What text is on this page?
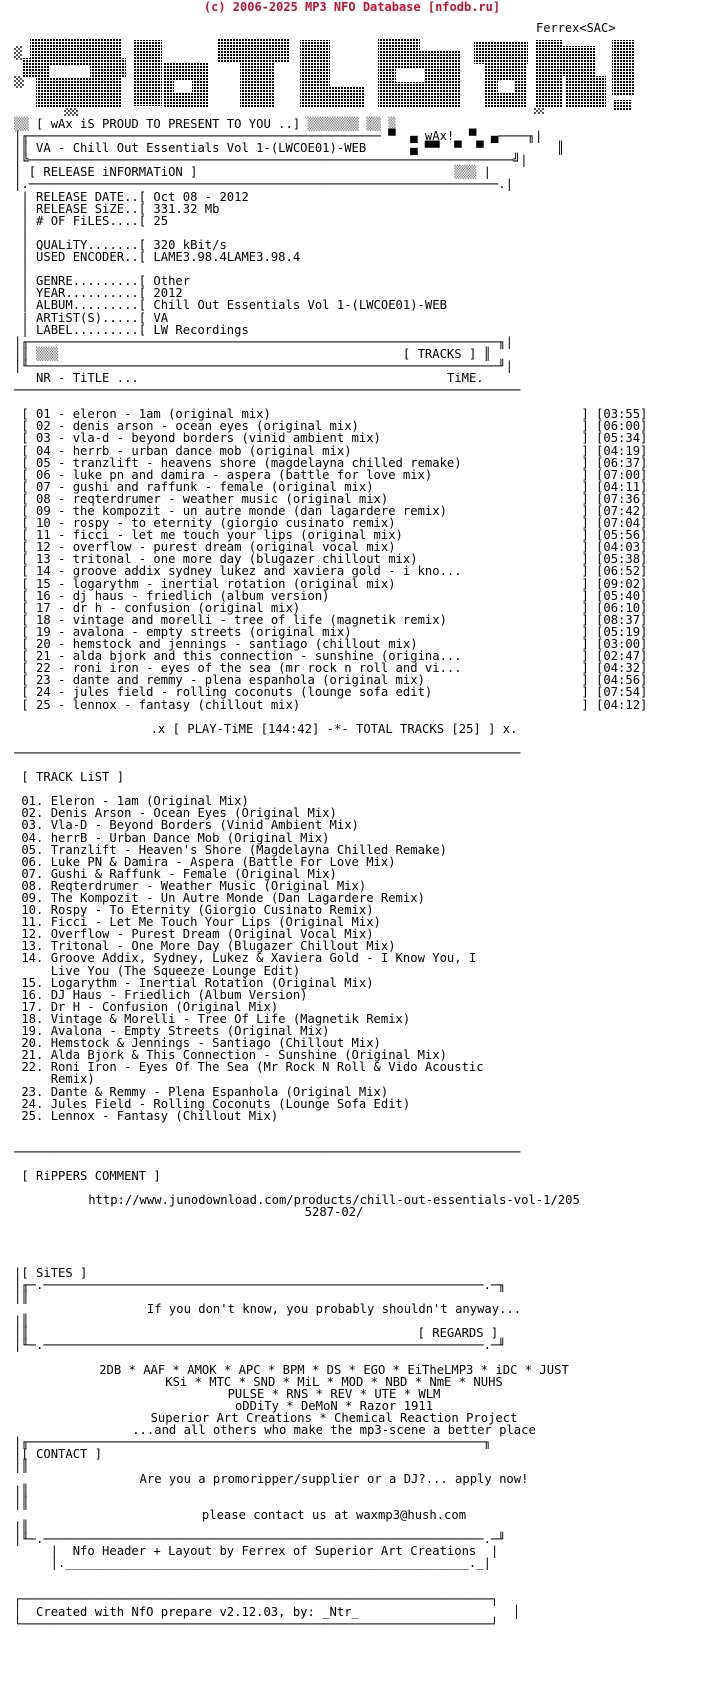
(c) 2006-2025 MP3 NFO Database [nfodb.ru]
Ferrex<SAC>
▒▒ [ wAx iS PROUD TO PRESENT TO YOU ..] ▒▒▒▒▒▒▒ ▒▒ ▒
|╓──────────────────────────────────────────────── ▀  ▄ wAx!  ▀  ▄────╖|
|║ VA - Chill Out Essentials Vol 1-(LWCOE01)-WEB      ▄ ▀▀  ▀  ▀          ║
|╚──────────────────────────────────────────────────────────────────╝|
| [ RELEASE iNFORMATiON ]	▒▒▒ |
|.────────────────────────────────────────────────────────────────.|
| RELEASE DATE..[ Oct 08 - 2012
| RELEASE SiZE..[ 331.32 Mb
| # OF FiLES....[ 25
|
| QUALiTY.......[ 320 kBit/s
| USED ENCODER..[ LAME3.98.4LAME3.98.4
|
| GENRE.........[ Other
| YEAR..........[ 2012
| ALBUM.........[ Chill Out Essentials Vol 1-(LWCOE01)-WEB
| ARTiST(S).....[ VA
| LABEL.........[ LW Recordings
|╓────────────────────────────────────────────────────────────────╖|
|║ ▒▒▒	[ TRACKS ] ║
|╙────────────────────────────────────────────────────────────────╜|
NR - TiTLE ...	TiME.
─────────────────────────────────────────────────────────────────────

[ 01 - eleron - 1am (original mix)	] [03:55]
[ 02 - denis arson - ocean eyes (original mix)	] [06:00]
[ 03 - vla-d - beyond borders (vinid ambient mix)	] [05:34]
[ 04 - herrb - urban dance mob (original mix)	] [04:19]
[ 05 - tranzlift - heavens shore (magdelayna chilled remake)	] [06:37]
[ 06 - luke pn and damira - aspera (battle for love mix)	] [07:00]
[ 07 - gushi and raffunk - female (original mix)	] [04:11]
[ 08 - reqterdrumer - weather music (original mix)	] [07:36]
[ 09 - the kompozit - un autre monde (dan lagardere remix)	] [07:42]
[ 10 - rospy - to eternity (giorgio cusinato remix)	] [07:04]
[ 11 - ficci - let me touch your lips (original mix)	] [05:56]
[ 12 - overflow - purest dream (original vocal mix)	] [04:03]
[ 13 - tritonal - one more day (blugazer chillout mix)	] [05:38]
[ 14 - groove addix sydney lukez and xaviera gold - i kno...	] [06:52]
[ 15 - logarythm - inertial rotation (original mix)	] [09:02]
[ 16 - dj haus - friedlich (album version)	] [05:40]
[ 17 - dr h - confusion (original mix)	] [06:10]
[ 18 - vintage and morelli - tree of life (magnetik remix)	] [08:37]
[ 19 - avalona - empty streets (original mix)	] [05:19]
[ 20 - hemstock and jennings - santiago (chillout mix)	] [03:00]
[ 21 - alda bjork and this connection - sunshine (origina...	] [02:47]
[ 22 - roni iron - eyes of the sea (mr rock n roll and vi...	] [04:32]
[ 23 - dante and remmy - plena espanhola (original mix)	] [04:56]
[ 24 - jules field - rolling coconuts (lounge sofa edit)	] [07:54]
[ 25 - lennox - fantasy (chillout mix)	] [04:12]

.x [ PLAY-TiME [144:42] -*- TOTAL TRACKS [25] ] x.

─────────────────────────────────────────────────────────────────────

[ TRACK LiST ]

01. Eleron - 1am (Original Mix)
02. Denis Arson - Ocean Eyes (Original Mix)
03. Vla-D - Beyond Borders (Vinid Ambient Mix)
04. herrB - Urban Dance Mob (Original Mix)
05. Tranzlift - Heaven's Shore (Magdelayna Chilled Remake)
06. Luke PN & Damira - Aspera (Battle For Love Mix)
07. Gushi & Raffunk - Female (Original Mix)
08. Reqterdrumer - Weather Music (Original Mix)
09. The Kompozit - Un Autre Monde (Dan Lagardere Remix)
10. Rospy - To Eternity (Giorgio Cusinato Remix)
11. Ficci - Let Me Touch Your Lips (Original Mix)
12. Overflow - Purest Dream (Original Vocal Mix)
13. Tritonal - One More Day (Blugazer Chillout Mix)
14. Groove Addix, Sydney, Lukez & Xaviera Gold - I Know You, I
Live You (The Squeeze Lounge Edit)
15. Logarythm - Inertial Rotation (Original Mix)
16. DJ Haus - Friedlich (Album Version)
17. Dr H - Confusion (Original Mix)
18. Vintage & Morelli - Tree Of Life (Magnetik Remix)
19. Avalona - Empty Streets (Original Mix)
20. Hemstock & Jennings - Santiago (Chillout Mix)
21. Alda Bjork & This Connection - Sunshine (Original Mix)
22. Roni Iron - Eyes Of The Sea (Mr Rock N Roll & Vido Acoustic
Remix)
23. Dante & Remmy - Plena Espanhola (Original Mix)
24. Jules Field - Rolling Coconuts (Lounge Sofa Edit)
25. Lennox - Fantasy (Chillout Mix)

─────────────────────────────────────────────────────────────────────

[ RiPPERS COMMENT ]

http://www.junodownload.com/products/chill-out-essentials-vol-1/205
5287-02/

|[ SiTES ]
|╓─.────────────────────────────────────────────────────────────.─╖
|║
If you don't know, you probably shouldn't anyway...
|║
|║                                                     [ REGARDS ]
|╙─.────────────────────────────────────────────────────────────.─╜

2DB * AAF * AMOK * APC * BPM * DS * EGO * EiTheLMP3 * iDC * JUST
KSi * MTC * SND * MiL * MOD * NBD * NmE * NUHS
PULSE * RNS * REV * UTE * WLM
oDDiTy * DeMoN * Razor 1911
Superior Art Creations * Chemical Reaction Project
...and all others who make the mp3-scene a better place
|╓──────────────────────────────────────────────────────────────╖
|[ CONTACT ]
|║
Are you a promoripper/supplier or a DJ?... apply now!
|║
|║
please contact us at waxmp3@hush.com
|║
|╙─.────────────────────────────────────────────────────────────.─╜
|  Nfo Header + Layout by Ferrex of Superior Art Creations  |
|._______________________________________________________._|

┌────────────────────────────────────────────────────────────────┐
│  Created with NfO prepare v2.12.03, by: _Ntr_                     │
└────────────────────────────────────────────────────────────────┘
